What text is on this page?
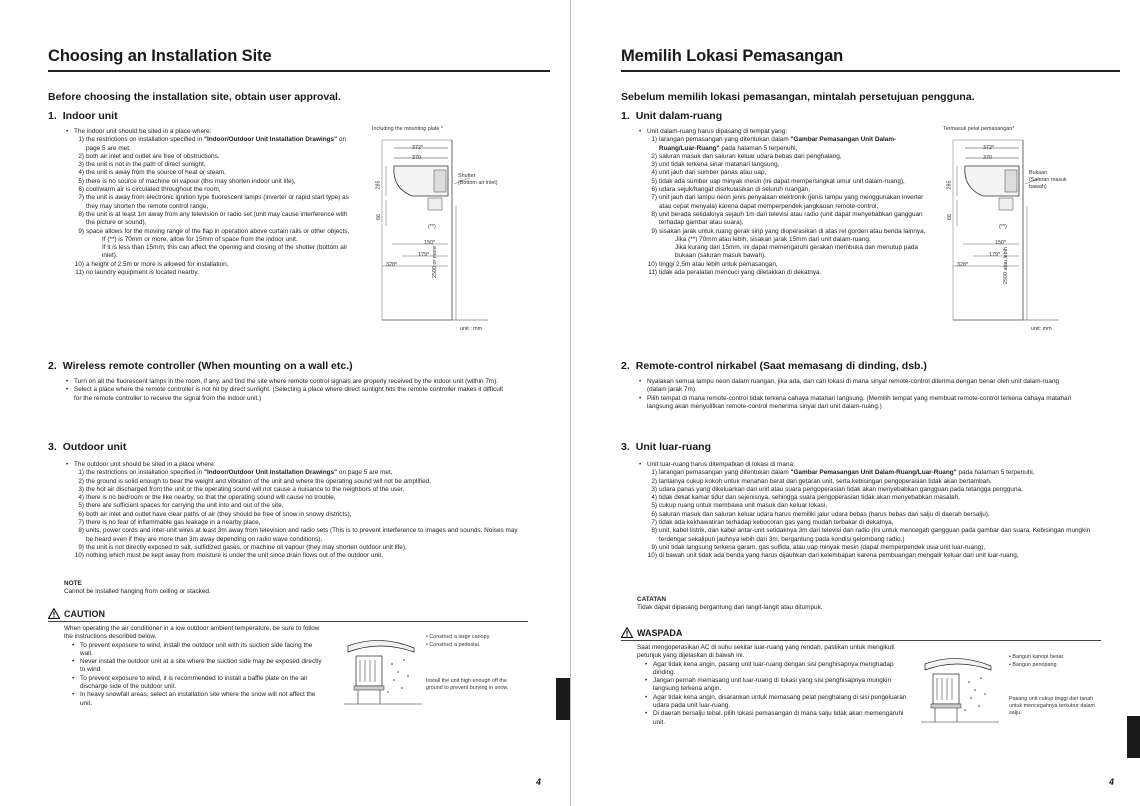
Choosing an Installation Site
Before choosing the installation site, obtain user approval.
1. Indoor unit
• The indoor unit should be sited in a place where:
1) the restrictions on installation specified in "Indoor/Outdoor Unit Installation Drawings" on page 5 are met,
2) both air inlet and outlet are free of obstructions,
3) the unit is not in the path of direct sunlight,
4) the unit is away from the source of heat or steam,
5) there is no source of machine oil vapour (this may shorten indoor unit life),
6) cool/warm air is circulated throughout the room,
7) the unit is away from electronic ignition type fluorescent lamps (inverter or rapid start type) as they may shorten the remote control range,
8) the unit is at least 1m away from any television or radio set (unit may cause interference with the picture or sound),
9) space allows for the moving range of the flap in operation above curtain rails or other objects,
If (**) is 70mm or more, allow for 15mm of space from the indoor unit.
If it is less than 15mm, this can affect the opening and closing of the shutter (bottom air inlet).
10) a height of 2.5m or more is allowed for installation,
11) no laundry equipment is located nearby.
Including the mounting plate *
372*
370
285
66
150*
179*
328*
(**)
Shutter
(Bottom air inlet)
2500 or more
unit : mm
2. Wireless remote controller (When mounting on a wall etc.)
• Turn on all the fluorescent lamps in the room, if any, and find the site where remote control signals are properly received by the indoor unit (within 7m).
• Select a place where the remote controller is not hit by direct sunlight. (Selecting a place where direct sunlight hits the remote controller makes it difficult for the remote controller to receive the signal from the indoor unit.)
3. Outdoor unit
• The outdoor unit should be sited in a place where:
1) the restrictions on installation specified in "Indoor/Outdoor Unit Installation Drawings" on page 5 are met,
2) the ground is solid enough to bear the weight and vibration of the unit and where the operating sound will not be amplified,
3) the hot air discharged from the unit or the operating sound will not cause a nuisance to the neighbors of the user,
4) there is no bedroom or the like nearby, so that the operating sound will cause no trouble,
5) there are sufficient spaces for carrying the unit into and out of the site,
6) both air inlet and outlet have clear paths of air (they should be free of snow in snowy districts),
7) there is no fear of inflammable gas leakage in a nearby place,
8) units, power cords and inter-unit wires at least 3m away from television and radio sets (This is to prevent interference to images and sounds. Noises may be heard even if they are more than 3m away depending on radio wave conditions),
9) the unit is not directly exposed to salt, sulfidized gases, or machine oil vapour (they may shorten outdoor unit life),
10) nothing which must be kept away from moisture is under the unit since drain flows out of the outdoor unit,
NOTE
Cannot be installed hanging from ceiling or stacked.
CAUTION
When operating the air conditioner in a low outdoor ambient temperature, be sure to follow the instructions described below.
• To prevent exposure to wind, install the outdoor unit with its suction side facing the wall.
• Never install the outdoor unit at a site where the suction side may be exposed directly to wind.
• To prevent exposure to wind, it is recommended to install a baffle plate on the air discharge side of the outdoor unit.
• In heavy snowfall areas, select an installation site where the snow will not affect the unit.
• Construct a large canopy.
• Construct a pedestal.
Install the unit high enough off the ground to prevent burying in snow.
4
Memilih Lokasi Pemasangan
Sebelum memilih lokasi pemasangan, mintalah persetujuan pengguna.
1. Unit dalam-ruang
• Unit dalam-ruang harus dipasang di tempat yang:
1) larangan pemasangan yang ditentukan dalam "Gambar Pemasangan Unit Dalam-Ruang/Luar-Ruang" pada halaman 5 terpenuhi,
2) saluran masuk dan saluran keluar udara bebas dari penghalang,
3) unit tidak terkena sinar matahari langsung,
4) unit jauh dari sumber panas atau uap,
5) tidak ada sumber uap minyak mesin (ini dapat mempersingkat umur unit dalam-ruang),
6) udara sejuk/hangat disirkulasikan di seluruh ruangan,
7) unit jauh dari lampu neon jenis penyalaan elektronik (jenis lampu yang menggunakan inverter atau cepat menyala) karena dapat memperpendek jangkauan remote-control,
8) unit berada setidaknya sejauh 1m dari televisi atau radio (unit dapat menyebabkan gangguan terhadap gambar atau suara),
9) sisakan jarak untuk ruang gerak sirip yang dioperasikan di atas rel gorden atau benda lainnya,
Jika (**) 70mm atau lebih, sisakan jarak 15mm dari unit dalam-ruang.
Jika kurang dari 15mm, ini dapat memengaruhi gerakan membuka dan menutup pada bukaan (saluran masuk bawah).
10) tinggi 2,5m atau lebih untuk pemasangan,
11) tidak ada peralatan mencuci yang diletakkan di dekatnya.
Termasuk pelat pemasangan*
372*
370
285
66
150*
179*
328*
(**)
Bukaan
(Saluran masuk
bawah)
2500 atau lebih
unit: mm
2. Remote-control nirkabel (Saat memasang di dinding, dsb.)
• Nyalakan semua lampu neon dalam ruangan, jika ada, dan cari lokasi di mana sinyal remote-control diterima dengan benar oleh unit dalam-ruang (dalam jarak 7m).
• Pilih tempat di mana remote-control tidak terkena cahaya matahari langsung. (Memilih tempat yang membuat remote-control terkena cahaya matahari langsung akan menyulitkan remote-control menerima sinyal dari unit dalam-ruang.)
3. Unit luar-ruang
• Unit luar-ruang harus ditempatkan di lokasi di mana:
1) larangan pemasangan yang ditentukan dalam "Gambar Pemasangan Unit Dalam-Ruang/Luar-Ruang" pada halaman 5 terpenuhi,
2) lantainya cukup kokoh untuk menahan berat dan getaran unit, serta kebisingan pengoperasian tidak akan bertambah,
3) udara panas yang dikeluarkan dari unit atau suara pengoperasian tidak akan menyebabkan gangguan pada tetangga pengguna,
4) tidak dekat kamar tidur dan sejenisnya, sehingga suara pengoperasian tidak akan menyebabkan masalah,
5) cukup ruang untuk membawa unit masuk dan keluar lokasi,
6) saluran masuk dan saluran keluar udara harus memiliki jalur udara bebas (harus bebas dari salju di daerah bersalju),
7) tidak ada kekhawatiran terhadap kebocoran gas yang mudah terbakar di dekatnya,
8) unit, kabel listrik, dan kabel antar-unit setidaknya 3m dari televisi dan radio (Ini untuk mencegah gangguan pada gambar dan suara. Kebisingan mungkin terdengar sekalipun jauhnya lebih dari 3m, bergantung pada kondisi gelombang radio.)
9) unit tidak langsung terkena garam, gas sulfida, atau uap minyak mesin (dapat memperpendek usia unit luar-ruang),
10) di bawah unit tidak ada benda yang harus dijauhkan dari kelembapan karena pembuangan mengalir keluar dari unit luar-ruang,
CATATAN
Tidak dapat dipasang bergantung dari langit-langit atau ditumpuk.
WASPADA
Saat mengoperasikan AC di suhu sekitar luar-ruang yang rendah, pastikan untuk mengikuti petunjuk yang dijelaskan di bawah ini.
• Agar tidak kena angin, pasang unit luar-ruang dengan sisi penghisapnya menghadap dinding.
• Jangan pernah memasang unit luar-ruang di lokasi yang sisi penghisapnya mungkin langsung terkena angin.
• Agar tidak kena angin, disarankan untuk memasang pelat penghalang di sisi pengeluaran udara pada unit luar-ruang.
• Di daerah bersalju tebal, pilih lokasi pemasangan di mana salju tidak akan memengaruhi unit.
• Bangun kanopi besar.
• Bangun penopang.
Pasang unit cukup tinggi dari tanah untuk mencegahnya terkubur dalam salju.
4
